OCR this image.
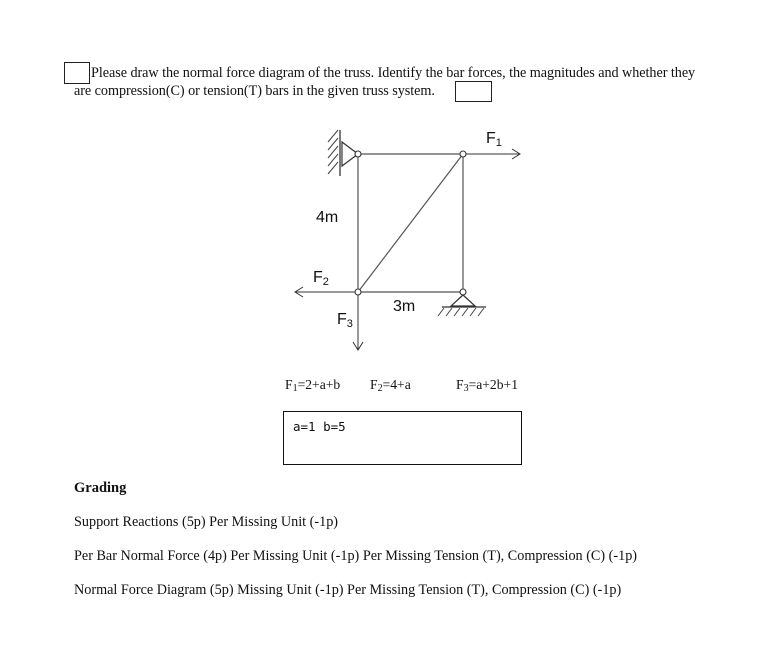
Please draw the normal force diagram of the truss. Identify the bar forces, the magnitudes and whether they
are compression(C) or tension(T) bars in the given truss system.
4m
3m
$F_1$
$F_2$
$F_3$
F1=2+a+b F2=4+a	F3=a+2b+1
a=1 b=5
Grading
Support Reactions (5p) Per Missing Unit (-1p)
Per Bar Normal Force (4p) Per Missing Unit (-1p) Per Missing Tension (T), Compression (C) (-1p)
Normal Force Diagram (5p) Missing Unit (-1p) Per Missing Tension (T), Compression (C) (-1p)
